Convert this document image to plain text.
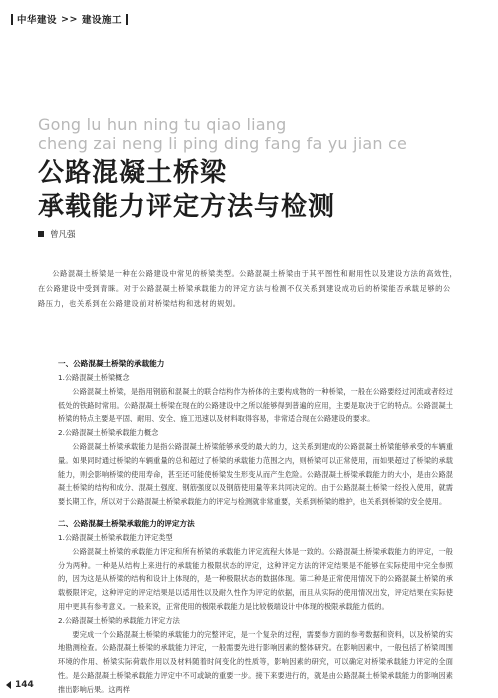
中华建设 >> 建设施工
Gong lu hun ning tu qiao liang
cheng zai neng li ping ding fang fa yu jian ce
公路混凝土桥梁
承载能力评定方法与检测
曾凡强
公路混凝土桥梁是一种在公路建设中常见的桥梁类型。公路混凝土桥梁由于其平图性和耐用性以及建设方法的高效性，在公路建设中受到青睐。对于公路混凝土桥梁承载能力的评定方法与检测不仅关系到建设成功后的桥梁能否承载足够的公路压力，也关系到在公路建设前对桥梁结构和选材的规划。
一、公路混凝土桥梁的承载能力
1.公路混凝土桥梁概念

公路混凝土桥梁，是指用钢筋和混凝土的联合结构作为桥体的主要构成物的一种桥梁，一般在公路要经过河流或者经过低处的铁路时常用。公路混凝土桥梁在现在的公路建设中之所以能够得到普遍的应用，主要是取决于它的特点。公路混凝土桥梁的特点主要是平固、耐用、安全、施工迅速以及材料取得容易，非常适合现在公路建设的要求。

2.公路混凝土桥梁承载能力概念

公路混凝土桥梁承载能力是指公路混凝土桥梁能够承受的最大的力，这关系到建成的公路混凝土桥梁能够承受的车辆重量。如果同时通过桥梁的车辆重量的总和超过了桥梁的承载能力范围之内，则桥梁可以正常使用，而如果超过了桥梁的承载能力，则会影响桥梁的使用寿命，甚至还可能使桥梁发生形变从而产生危险。公路混凝土桥梁承载能力的大小，是由公路混凝土桥梁的结构和成分、混凝土强度、钢筋强度以及钢筋使用量等来共同决定的。由于公路混凝土桥梁一经投入使用，就需要长期工作，所以对于公路混凝土桥梁承载能力的评定与检测就非常重要，关系到桥梁的维护，也关系到桥梁的安全使用。

二、公路混凝土桥梁承载能力的评定方法
1.公路混凝土桥梁承载能力评定类型

公路混凝土桥梁的承载能力评定和所有桥梁的承载能力评定流程大体是一致的。公路混凝土桥梁承载能力的评定，一般分为两种。一种是从结构上来进行的承载能力极限状态的评定，这种评定方法的评定结果是不能够在实际使用中完全参照的，因为这是从桥梁的结构和设计上体现的，是一种极限状态的数据体现。第二种是正常使用情况下的公路混凝土桥梁的承载极限评定，这种评定的评定结果是以适用性以及耐久性作为评定的依据，而且从实际的使用情况出发，评定结果在实际使用中更具有参考意义。一般来说，正常使用的极限承载能力是比较极端设计中体现的极限承载能力低的。

2.公路混凝土桥梁的承载能力评定方法

要完成一个公路混凝土桥梁的承载能力的完整评定，是一个复杂的过程，需要参方面的参考数据和资料，以及桥梁的实地勘测检查。公路混凝土桥梁的承载能力评定，一般需要先进行影响因素的整体研究。在影响因素中，一般包括了桥梁周围环境的作用、桥梁实际荷载作用以及材料随着时间变化的性质等，影响因素的研究，可以确定对桥梁承载能力评定的全面性。是公路混凝土桥梁承载能力评定中不可或缺的重要一步。接下来要进行的，就是由公路混凝土桥梁承载能力的影响因素推出影响后果。这两样

144
